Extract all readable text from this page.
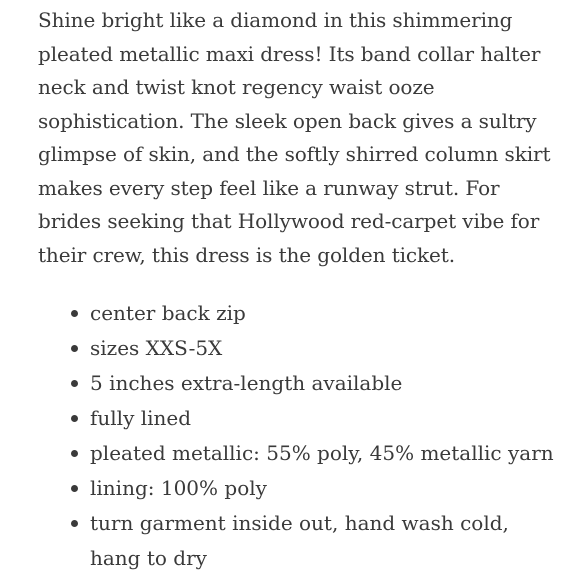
Shine bright like a diamond in this shimmering pleated metallic maxi dress! Its band collar halter neck and twist knot regency waist ooze sophistication. The sleek open back gives a sultry glimpse of skin, and the softly shirred column skirt makes every step feel like a runway strut. For brides seeking that Hollywood red-carpet vibe for their crew, this dress is the golden ticket.

center back zip
sizes XXS-5X
5 inches extra-length available
fully lined
pleated metallic: 55% poly, 45% metallic yarn
lining: 100% poly
turn garment inside out, hand wash cold, hang to dry
